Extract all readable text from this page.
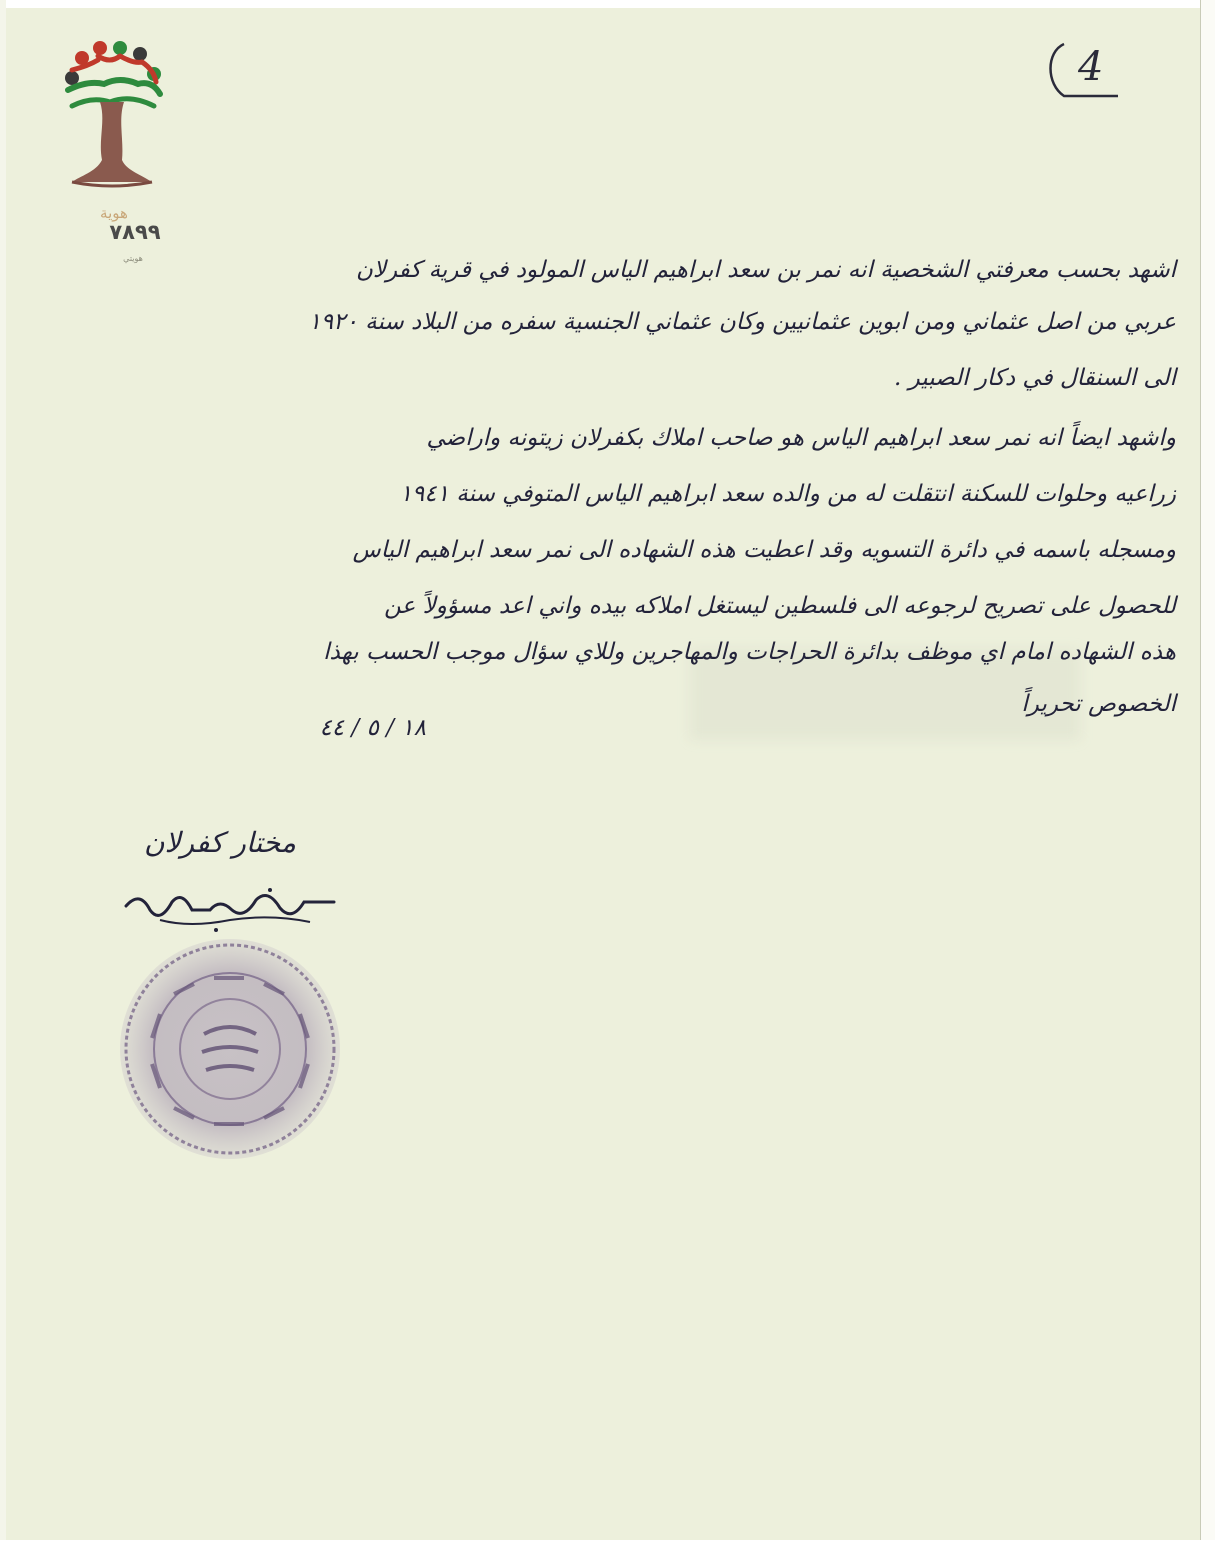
4
هوية
٧٨٩٩
هويتي	اشهد بحسب معرفتي الشخصية انه نمر بن سعد ابراهيم الياس المولود في قرية كفرلان
عربي من اصل عثماني ومن ابوين عثمانيين وكان عثماني الجنسية سفره من البلاد سنة ١٩٢٠
الى السنقال في دكار الصبير .
واشهد ايضاً انه نمر سعد ابراهيم الياس هو صاحب املاك بكفرلان زيتونه واراضي
زراعيه وحلوات للسكنة انتقلت له من والده سعد ابراهيم الياس المتوفي سنة ١٩٤١
ومسجله باسمه في دائرة التسويه وقد اعطيت هذه الشهاده الى نمر سعد ابراهيم الياس
للحصول على تصريح لرجوعه الى فلسطين ليستغل املاكه بيده واني اعد مسؤولاً عن
هذه الشهاده امام اي موظف بدائرة الحراجات والمهاجرين وللاي سؤال موجب الحسب بهذا
الخصوص تحريراً
١٨ / ٥ / ٤٤
مختار كفرلان
